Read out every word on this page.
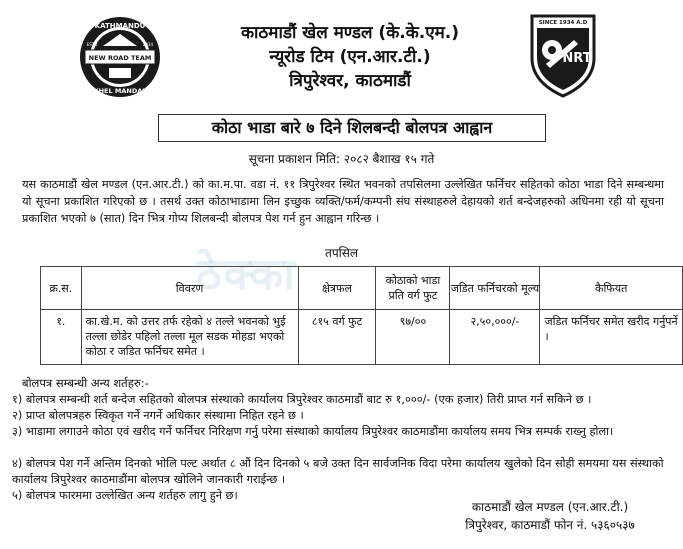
KATHMANDU
NEW ROAD TEAM
KHEL MANDAL
ESTD	2034
काठमाडौं खेल मण्डल (के.के.एम.)
न्यूरोड टिम (एन.आर.टी.)
त्रिपुरेश्वर, काठमाडौं
SINCE 1934 A.D
NRT
कोठा भाडा बारे ७ दिने शिलबन्दी बोलपत्र आह्वान
सूचना प्रकाशन मिति: २०८२ बैशाख १५ गते
यस काठमाडौं खेल मण्डल (एन.आर.टी.) को का.म.पा. वडा नं. ११ त्रिपुरेश्वर स्थित भवनको तपसिलमा उल्लेखित फर्निचर सहितको कोठा भाडा दिने सम्बन्धमा यो सूचना प्रकाशित गरिएको छ । तसर्थ उक्त कोठाभाडामा लिन इच्छुक व्यक्ति/फर्म/कम्पनी संघ संस्थाहरुले देहायको शर्त बन्देजहरुको अधिनमा रही यो सूचना प्रकाशित भएको ७ (सात) दिन भित्र गोप्य शिलबन्दी बोलपत्र पेश गर्न हुन आह्वान गरिन्छ ।
तपसिल
ठेक्का
क्र.स.	विवरण	क्षेत्रफल	कोठाको भाडा प्रति वर्ग फुट	जडित फर्निचरको मूल्य	कैफियत
१.	का.खे.म. को उत्तर तर्फ रहेको ४ तल्ले भवनको भुई तल्ला छोडेर पहिलो तल्ला मूल सडक मोहडा भएको कोठा र जडित फर्निचर समेत ।	८१५ वर्ग फुट	९७/००	२,५०,०००/-	जडित फर्निचर समेत खरीद गर्नुपर्ने ।
बोलपत्र सम्बन्धी अन्य शर्तहरु:-
१) बोलपत्र सम्बन्धी शर्त बन्देज सहितको बोलपत्र संस्थाको कार्यालय त्रिपुरेश्वर काठमाडौं बाट रु १,०००/- (एक हजार) तिरी प्राप्त गर्न सकिने छ ।
२) प्राप्त बोलपत्रहरु स्विकृत गर्ने नगर्ने अधिकार संस्थामा निहित रहने छ ।
३) भाडामा लगाउने कोठा एवं खरीद गर्ने फर्निचर निरिक्षण गर्नु परेमा संस्थाको कार्यालय त्रिपुरेश्वर काठमाडौंमा कार्यालय समय भित्र सम्पर्क राख्नु होला।
४) बोलपत्र पेश गर्ने अन्तिम दिनको भोलि पल्ट अर्थात ८ औं दिन दिनको ५ बजे उक्त दिन सार्वजनिक विदा परेमा कार्यालय खुलेको दिन सोही समयमा यस संस्थाको कार्यालय त्रिपुरेश्वर काठमाडौंमा बोलपत्र खोलिने जानकारी गराईन्छ ।
५) बोलपत्र फारममा उल्लेखित अन्य शर्तहरु लागु हुने छ।
काठमाडौं खेल मण्डल (एन.आर.टी.)
त्रिपुरेश्वर, काठमाडौं फोन नं. ५३६०५३७
